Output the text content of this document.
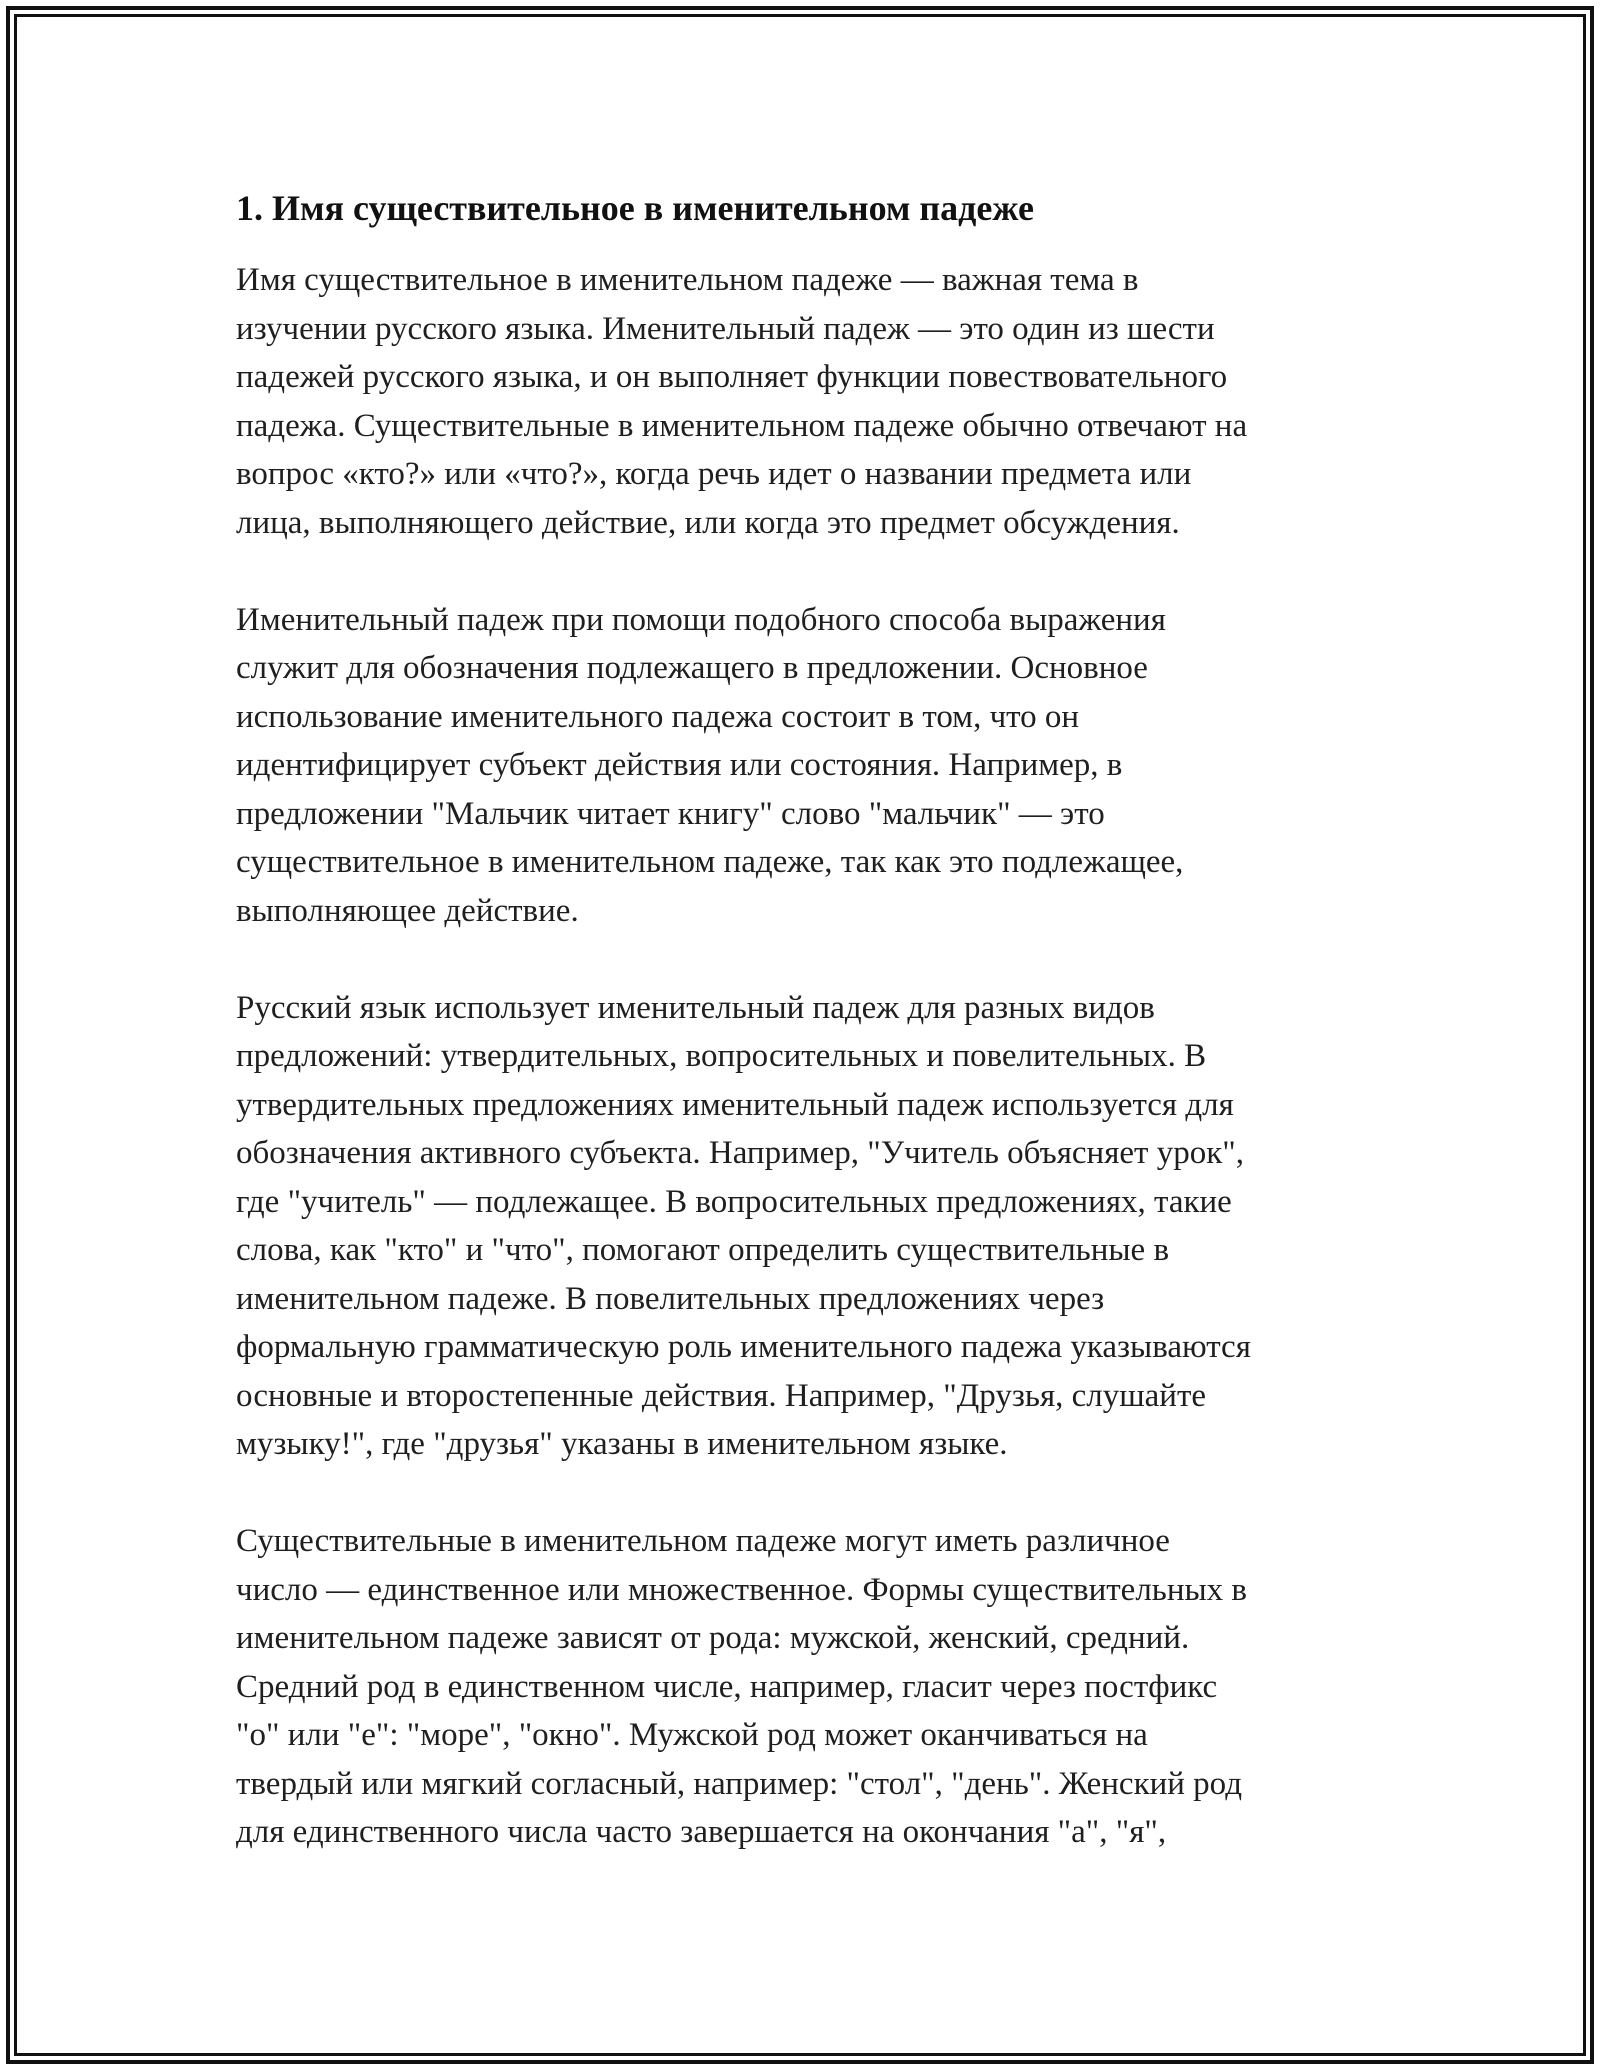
1. Имя существительное в именительном падеже

Имя существительное в именительном падеже — важная тема в
изучении русского языка. Именительный падеж — это один из шести
падежей русского языка, и он выполняет функции повествовательного
падежа. Существительные в именительном падеже обычно отвечают на
вопрос «кто?» или «что?», когда речь идет о названии предмета или
лица, выполняющего действие, или когда это предмет обсуждения.

Именительный падеж при помощи подобного способа выражения
служит для обозначения подлежащего в предложении. Основное
использование именительного падежа состоит в том, что он
идентифицирует субъект действия или состояния. Например, в
предложении "Мальчик читает книгу" слово "мальчик" — это
существительное в именительном падеже, так как это подлежащее,
выполняющее действие.

Русский язык использует именительный падеж для разных видов
предложений: утвердительных, вопросительных и повелительных. В
утвердительных предложениях именительный падеж используется для
обозначения активного субъекта. Например, "Учитель объясняет урок",
где "учитель" — подлежащее. В вопросительных предложениях, такие
слова, как "кто" и "что", помогают определить существительные в
именительном падеже. В повелительных предложениях через
формальную грамматическую роль именительного падежа указываются
основные и второстепенные действия. Например, "Друзья, слушайте
музыку!", где "друзья" указаны в именительном языке.

Существительные в именительном падеже могут иметь различное
число — единственное или множественное. Формы существительных в
именительном падеже зависят от рода: мужской, женский, средний.
Средний род в единственном числе, например, гласит через постфикс
"о" или "е": "море", "окно". Мужской род может оканчиваться на
твердый или мягкий согласный, например: "стол", "день". Женский род
для единственного числа часто завершается на окончания "а", "я",
